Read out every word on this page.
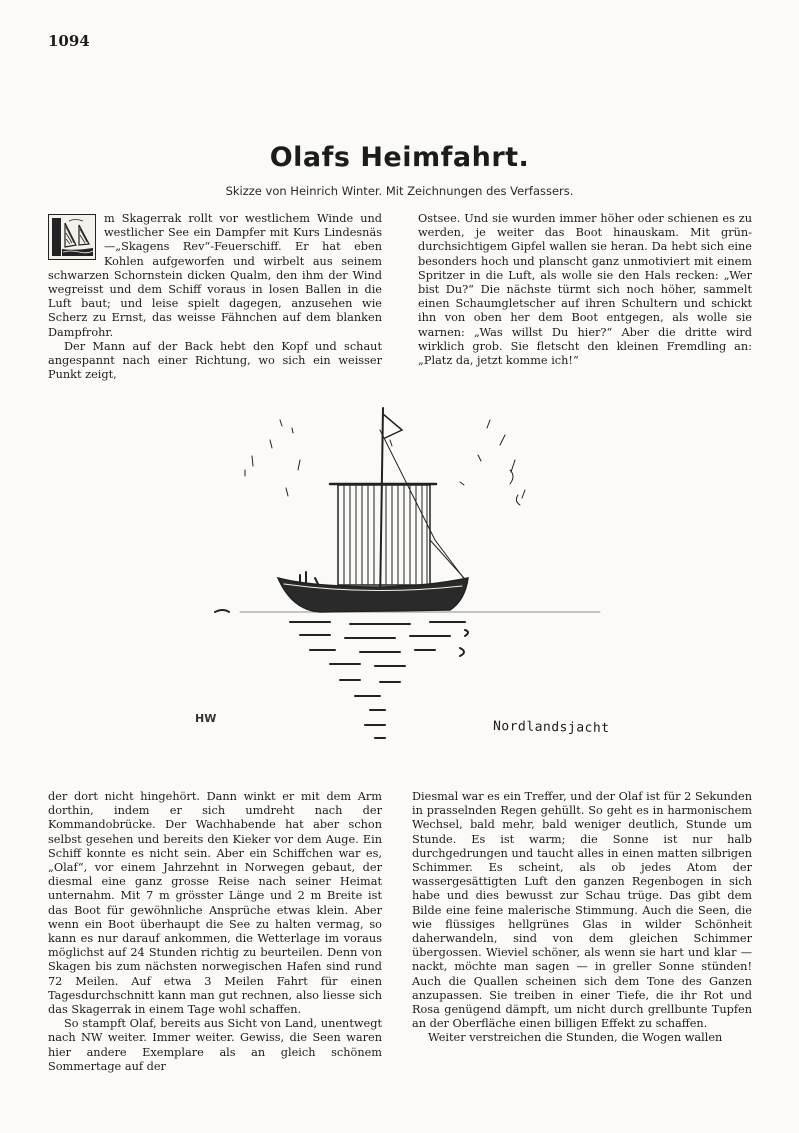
1094
Olafs Heimfahrt.
Skizze von Heinrich Winter. Mit Zeichnungen des Verfassers.

m Skagerrak rollt vor westlichem Winde und westlicher See ein Dampfer mit Kurs Lindesnäs—„Skagens Rev“-Feuerschiff. Er hat eben Kohlen aufgeworfen und wirbelt aus seinem schwarzen Schornstein dicken Qualm, den ihm der Wind wegreisst und dem Schiff voraus in losen Ballen in die Luft baut; und leise spielt dagegen, anzusehen wie Scherz zu Ernst, das weisse Fähnchen auf dem blanken Dampfrohr.

Der Mann auf der Back hebt den Kopf und schaut angespannt nach einer Richtung, wo sich ein weisser Punkt zeigt,

Ostsee. Und sie wurden immer höher oder schienen es zu werden, je weiter das Boot hinauskam. Mit grün-durchsichtigem Gipfel wallen sie heran. Da hebt sich eine besonders hoch und planscht ganz unmotiviert mit einem Spritzer in die Luft, als wolle sie den Hals recken: „Wer bist Du?“ Die nächste türmt sich noch höher, sammelt einen Schaumgletscher auf ihren Schultern und schickt ihn von oben her dem Boot entgegen, als wolle sie warnen: „Was willst Du hier?“ Aber die dritte wird wirklich grob. Sie fletscht den kleinen Fremdling an: „Platz da, jetzt komme ich!“

HW
Nordlandsjacht

der dort nicht hingehört. Dann winkt er mit dem Arm dorthin, indem er sich umdreht nach der Kommandobrücke. Der Wachhabende hat aber schon selbst gesehen und bereits den Kieker vor dem Auge. Ein Schiff konnte es nicht sein. Aber ein Schiffchen war es, „Olaf“, vor einem Jahrzehnt in Norwegen gebaut, der diesmal eine ganz grosse Reise nach seiner Heimat unternahm. Mit 7 m grösster Länge und 2 m Breite ist das Boot für gewöhnliche Ansprüche etwas klein. Aber wenn ein Boot überhaupt die See zu halten vermag, so kann es nur darauf ankommen, die Wetterlage im voraus möglichst auf 24 Stunden richtig zu beurteilen. Denn von Skagen bis zum nächsten norwegischen Hafen sind rund 72 Meilen. Auf etwa 3 Meilen Fahrt für einen Tagesdurchschnitt kann man gut rechnen, also liesse sich das Skagerrak in einem Tage wohl schaffen.

So stampft Olaf, bereits aus Sicht von Land, unentwegt nach NW weiter. Immer weiter. Gewiss, die Seen waren hier andere Exemplare als an gleich schönem Sommertage auf der

Diesmal war es ein Treffer, und der Olaf ist für 2 Sekunden in prasselnden Regen gehüllt. So geht es in harmonischem Wechsel, bald mehr, bald weniger deutlich, Stunde um Stunde. Es ist warm; die Sonne ist nur halb durchgedrungen und taucht alles in einen matten silbrigen Schimmer. Es scheint, als ob jedes Atom der wassergesättigten Luft den ganzen Regenbogen in sich habe und dies bewusst zur Schau trüge. Das gibt dem Bilde eine feine malerische Stimmung. Auch die Seen, die wie flüssiges hellgrünes Glas in wilder Schönheit daherwandeln, sind von dem gleichen Schimmer übergossen. Wieviel schöner, als wenn sie hart und klar — nackt, möchte man sagen — in greller Sonne stünden! Auch die Quallen scheinen sich dem Tone des Ganzen anzupassen. Sie treiben in einer Tiefe, die ihr Rot und Rosa genügend dämpft, um nicht durch grellbunte Tupfen an der Oberfläche einen billigen Effekt zu schaffen.

Weiter verstreichen die Stunden, die Wogen wallen
